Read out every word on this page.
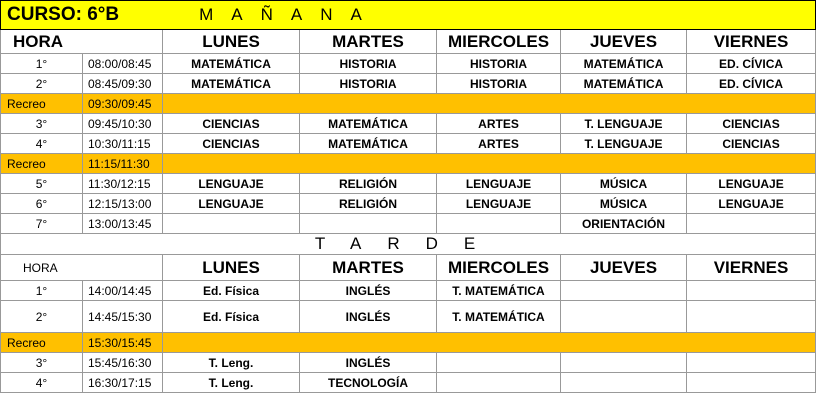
CURSO: 6°B MAÑANA						
HORA		LUNES	MARTES	MIERCOLES	JUEVES	VIERNES
1°	08:00/08:45	MATEMÁTICA	HISTORIA	HISTORIA	MATEMÁTICA	ED. CÍVICA
2°	08:45/09:30	MATEMÁTICA	HISTORIA	HISTORIA	MATEMÁTICA	ED. CÍVICA
Recreo	09:30/09:45					
3°	09:45/10:30	CIENCIAS	MATEMÁTICA	ARTES	T. LENGUAJE	CIENCIAS
4°	10:30/11:15	CIENCIAS	MATEMÁTICA	ARTES	T. LENGUAJE	CIENCIAS
Recreo	11:15/11:30					
5°	11:30/12:15	LENGUAJE	RELIGIÓN	LENGUAJE	MÚSICA	LENGUAJE
6°	12:15/13:00	LENGUAJE	RELIGIÓN	LENGUAJE	MÚSICA	LENGUAJE
7°	13:00/13:45				ORIENTACIÓN	
TARDE						
HORA		LUNES	MARTES	MIERCOLES	JUEVES	VIERNES
1°	14:00/14:45	Ed. Física	INGLÉS	T. MATEMÁTICA		
2°	14:45/15:30	Ed. Física	INGLÉS	T. MATEMÁTICA		
Recreo	15:30/15:45					
3°	15:45/16:30	T. Leng.	INGLÉS			
4°	16:30/17:15	T. Leng.	TECNOLOGÍA			
